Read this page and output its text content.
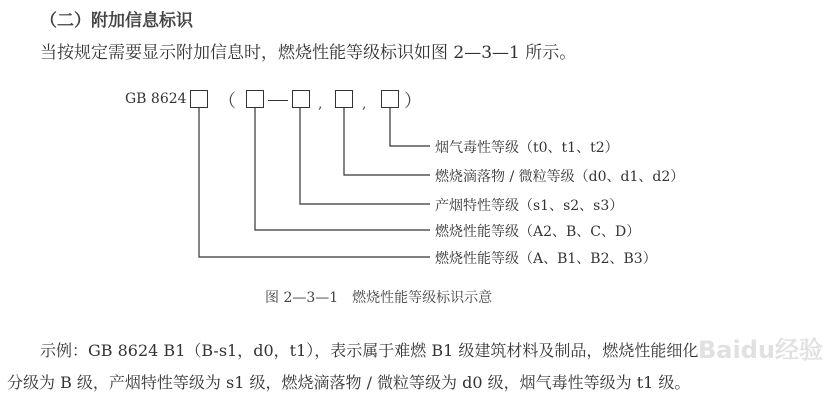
（二）附加信息标识
当按规定需要显示附加信息时，燃烧性能等级标识如图 2—3—1 所示。
GB 8624 （	,	, ）
烟气毒性等级（t0、t1、t2）
燃烧滴落物 / 微粒等级（d0、d1、d2）
产烟特性等级（s1、s2、s3）
燃烧性能等级（A2、B、C、D）
燃烧性能等级（A、B1、B2、B3）
图 2—3—1　燃烧性能等级标识示意
示例：GB 8624 B1（B-s1，d0，t1），表示属于难燃 B1 级建筑材料及制品，燃烧性能细化
分级为 B 级，产烟特性等级为 s1 级，燃烧滴落物 / 微粒等级为 d0 级，烟气毒性等级为 t1 级。
Baidu经验
